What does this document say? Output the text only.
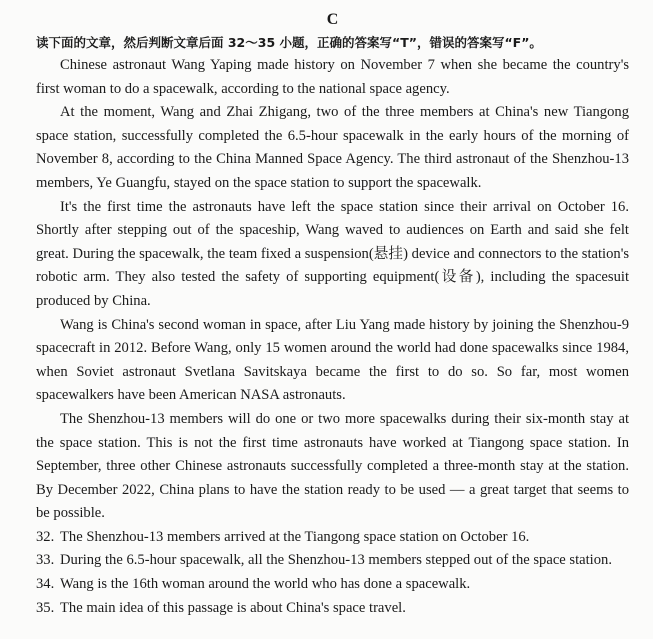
C

读下面的文章，然后判断文章后面 32～35 小题，正确的答案写“T”，错误的答案写“F”。

Chinese astronaut Wang Yaping made history on November 7 when she became the country's first woman to do a spacewalk, according to the national space agency.

At the moment, Wang and Zhai Zhigang, two of the three members at China's new Tiangong space station, successfully completed the 6.5-hour spacewalk in the early hours of the morning of November 8, according to the China Manned Space Agency. The third astronaut of the Shenzhou-13 members, Ye Guangfu, stayed on the space station to support the spacewalk.

It's the first time the astronauts have left the space station since their arrival on October 16. Shortly after stepping out of the spaceship, Wang waved to audiences on Earth and said she felt great. During the spacewalk, the team fixed a suspension(悬挂) device and connectors to the station's robotic arm. They also tested the safety of supporting equipment(设备), including the spacesuit produced by China.

Wang is China's second woman in space, after Liu Yang made history by joining the Shenzhou-9 spacecraft in 2012. Before Wang, only 15 women around the world had done spacewalks since 1984, when Soviet astronaut Svetlana Savitskaya became the first to do so. So far, most women spacewalkers have been American NASA astronauts.

The Shenzhou-13 members will do one or two more spacewalks during their six-month stay at the space station. This is not the first time astronauts have worked at Tiangong space station. In September, three other Chinese astronauts successfully completed a three-month stay at the station. By December 2022, China plans to have the station ready to be used — a great target that seems to be possible.

32. The Shenzhou-13 members arrived at the Tiangong space station on October 16.
33. During the 6.5-hour spacewalk, all the Shenzhou-13 members stepped out of the space station.
34. Wang is the 16th woman around the world who has done a spacewalk.
35. The main idea of this passage is about China's space travel.
